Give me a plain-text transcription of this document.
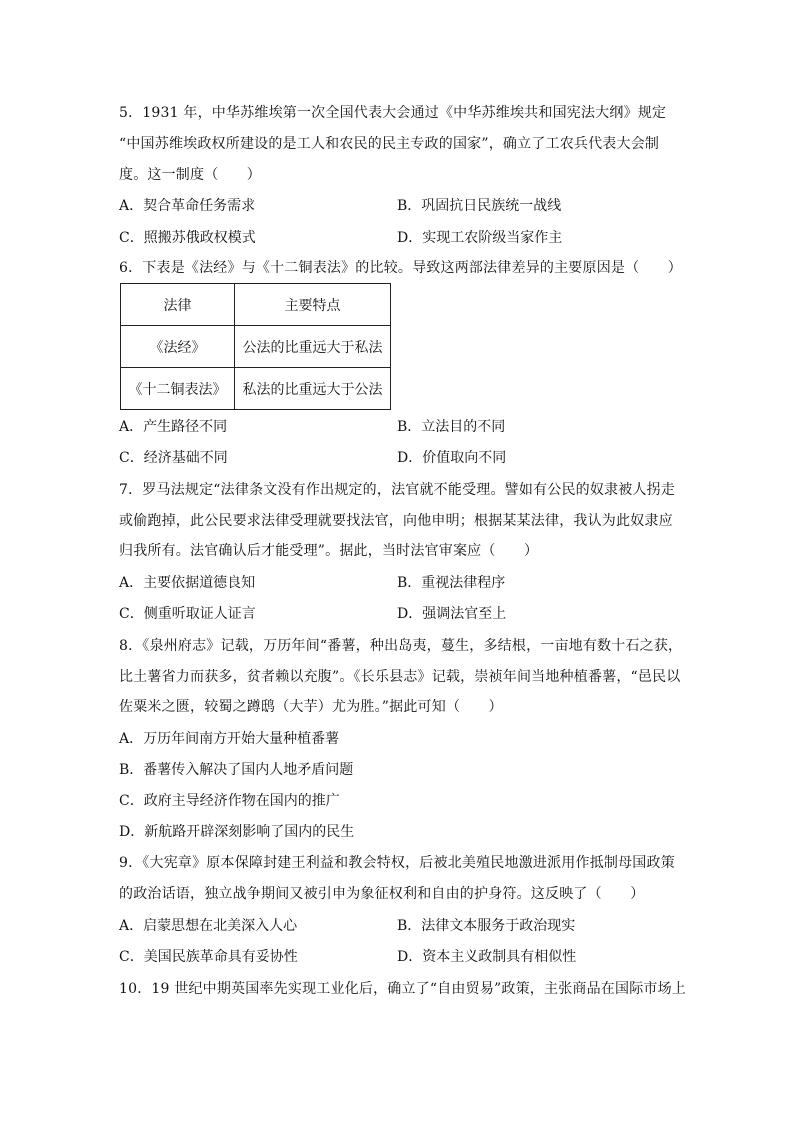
5．1931 年，中华苏维埃第一次全国代表大会通过《中华苏维埃共和国宪法大纲》规定
“中国苏维埃政权所建设的是工人和农民的民主专政的国家”，确立了工农兵代表大会制
度。这一制度（　　）
A．契合革命任务需求	B．巩固抗日民族统一战线
C．照搬苏俄政权模式	D．实现工农阶级当家作主
6．下表是《法经》与《十二铜表法》的比较。导致这两部法律差异的主要原因是（　　）
法律	主要特点
《法经》	公法的比重远大于私法
《十二铜表法》	私法的比重远大于公法
A．产生路径不同	B．立法目的不同
C．经济基础不同	D．价值取向不同
7．罗马法规定“法律条文没有作出规定的，法官就不能受理。譬如有公民的奴隶被人拐走
或偷跑掉，此公民要求法律受理就要找法官，向他申明；根据某某法律，我认为此奴隶应
归我所有。法官确认后才能受理”。据此，当时法官审案应（　　）
A．主要依据道德良知	B．重视法律程序
C．侧重听取证人证言	D．强调法官至上
8．《泉州府志》记载，万历年间“番薯，种出岛夷，蔓生，多结根，一亩地有数十石之获，
比土薯省力而获多，贫者赖以充腹”。《长乐县志》记载，崇祯年间当地种植番薯，“邑民以
佐粟米之匮，较蜀之蹲鸱（大芋）尤为胜。”据此可知（　　）
A．万历年间南方开始大量种植番薯
B．番薯传入解决了国内人地矛盾问题
C．政府主导经济作物在国内的推广
D．新航路开辟深刻影响了国内的民生
9．《大宪章》原本保障封建王利益和教会特权，后被北美殖民地激进派用作抵制母国政策
的政治话语，独立战争期间又被引申为象征权利和自由的护身符。这反映了（　　）
A．启蒙思想在北美深入人心	B．法律文本服务于政治现实
C．美国民族革命具有妥协性	D．资本主义政制具有相似性
10．19 世纪中期英国率先实现工业化后，确立了“自由贸易”政策，主张商品在国际市场上
